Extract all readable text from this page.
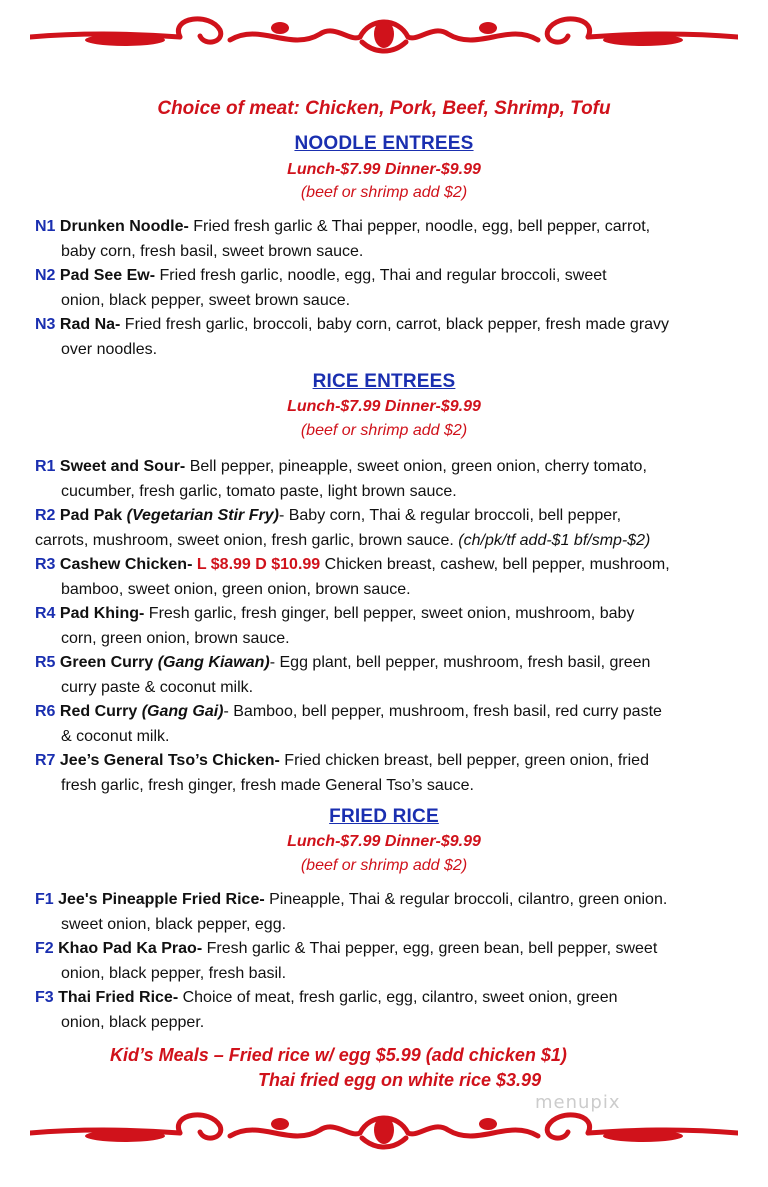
Choice of meat: Chicken, Pork, Beef, Shrimp, Tofu
NOODLE ENTREES
Lunch-$7.99 Dinner-$9.99
(beef or shrimp add $2)
N1 Drunken Noodle- Fried fresh garlic & Thai pepper, noodle, egg, bell pepper, carrot,
baby corn, fresh basil, sweet brown sauce.
N2 Pad See Ew- Fried fresh garlic, noodle, egg, Thai and regular broccoli, sweet
onion, black pepper, sweet brown sauce.
N3 Rad Na- Fried fresh garlic, broccoli, baby corn, carrot, black pepper, fresh made gravy
over noodles.
RICE ENTREES
Lunch-$7.99 Dinner-$9.99
(beef or shrimp add $2)
R1 Sweet and Sour- Bell pepper, pineapple, sweet onion, green onion, cherry tomato,
cucumber, fresh garlic, tomato paste, light brown sauce.
R2 Pad Pak (Vegetarian Stir Fry)- Baby corn, Thai & regular broccoli, bell pepper,
carrots, mushroom, sweet onion, fresh garlic, brown sauce. (ch/pk/tf add-$1 bf/smp-$2)
R3 Cashew Chicken- L $8.99 D $10.99 Chicken breast, cashew, bell pepper, mushroom,
bamboo, sweet onion, green onion, brown sauce.
R4 Pad Khing- Fresh garlic, fresh ginger, bell pepper, sweet onion, mushroom, baby
corn, green onion, brown sauce.
R5 Green Curry (Gang Kiawan)- Egg plant, bell pepper, mushroom, fresh basil, green
curry paste & coconut milk.
R6 Red Curry (Gang Gai)- Bamboo, bell pepper, mushroom, fresh basil, red curry paste
& coconut milk.
R7 Jee’s General Tso’s Chicken- Fried chicken breast, bell pepper, green onion, fried
fresh garlic, fresh ginger, fresh made General Tso’s sauce.
FRIED RICE
Lunch-$7.99 Dinner-$9.99
(beef or shrimp add $2)
F1 Jee's Pineapple Fried Rice- Pineapple, Thai & regular broccoli, cilantro, green onion.
sweet onion, black pepper, egg.
F2 Khao Pad Ka Prao- Fresh garlic & Thai pepper, egg, green bean, bell pepper, sweet
onion, black pepper, fresh basil.
F3 Thai Fried Rice- Choice of meat, fresh garlic, egg, cilantro, sweet onion, green
onion, black pepper.
Kid’s Meals – Fried rice w/ egg $5.99 (add chicken $1)
Thai fried egg on white rice $3.99
menupix
